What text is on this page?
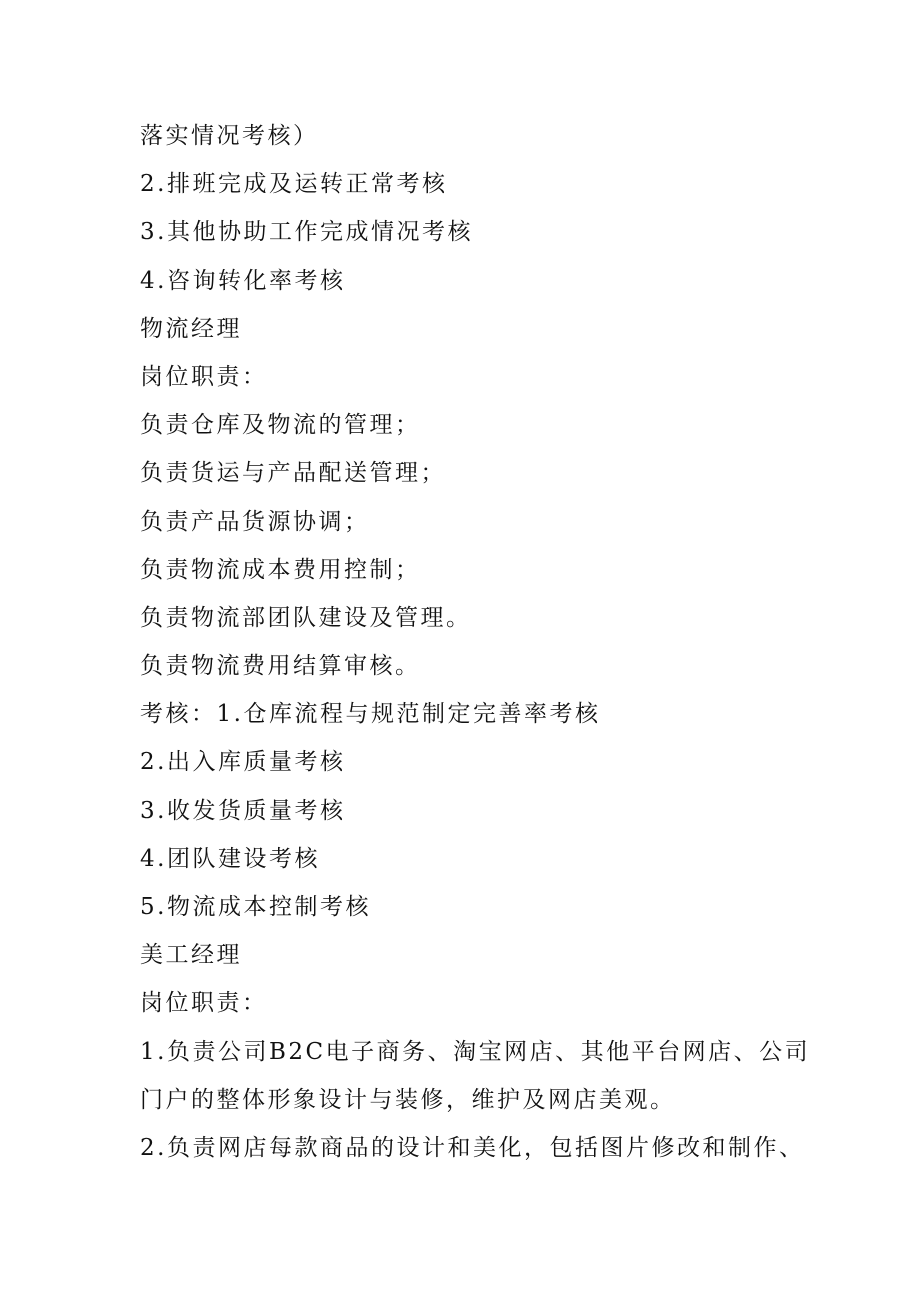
落实情况考核）

2.排班完成及运转正常考核

3.其他协助工作完成情况考核

4.咨询转化率考核

物流经理

岗位职责：

负责仓库及物流的管理；

负责货运与产品配送管理；

负责产品货源协调；

负责物流成本费用控制；

负责物流部团队建设及管理。

负责物流费用结算审核。

考核：1.仓库流程与规范制定完善率考核

2.出入库质量考核

3.收发货质量考核

4.团队建设考核

5.物流成本控制考核

美工经理

岗位职责：

1.负责公司B2C电子商务、淘宝网店、其他平台网店、公司

门户的整体形象设计与装修，维护及网店美观。

2.负责网店每款商品的设计和美化，包括图片修改和制作、
